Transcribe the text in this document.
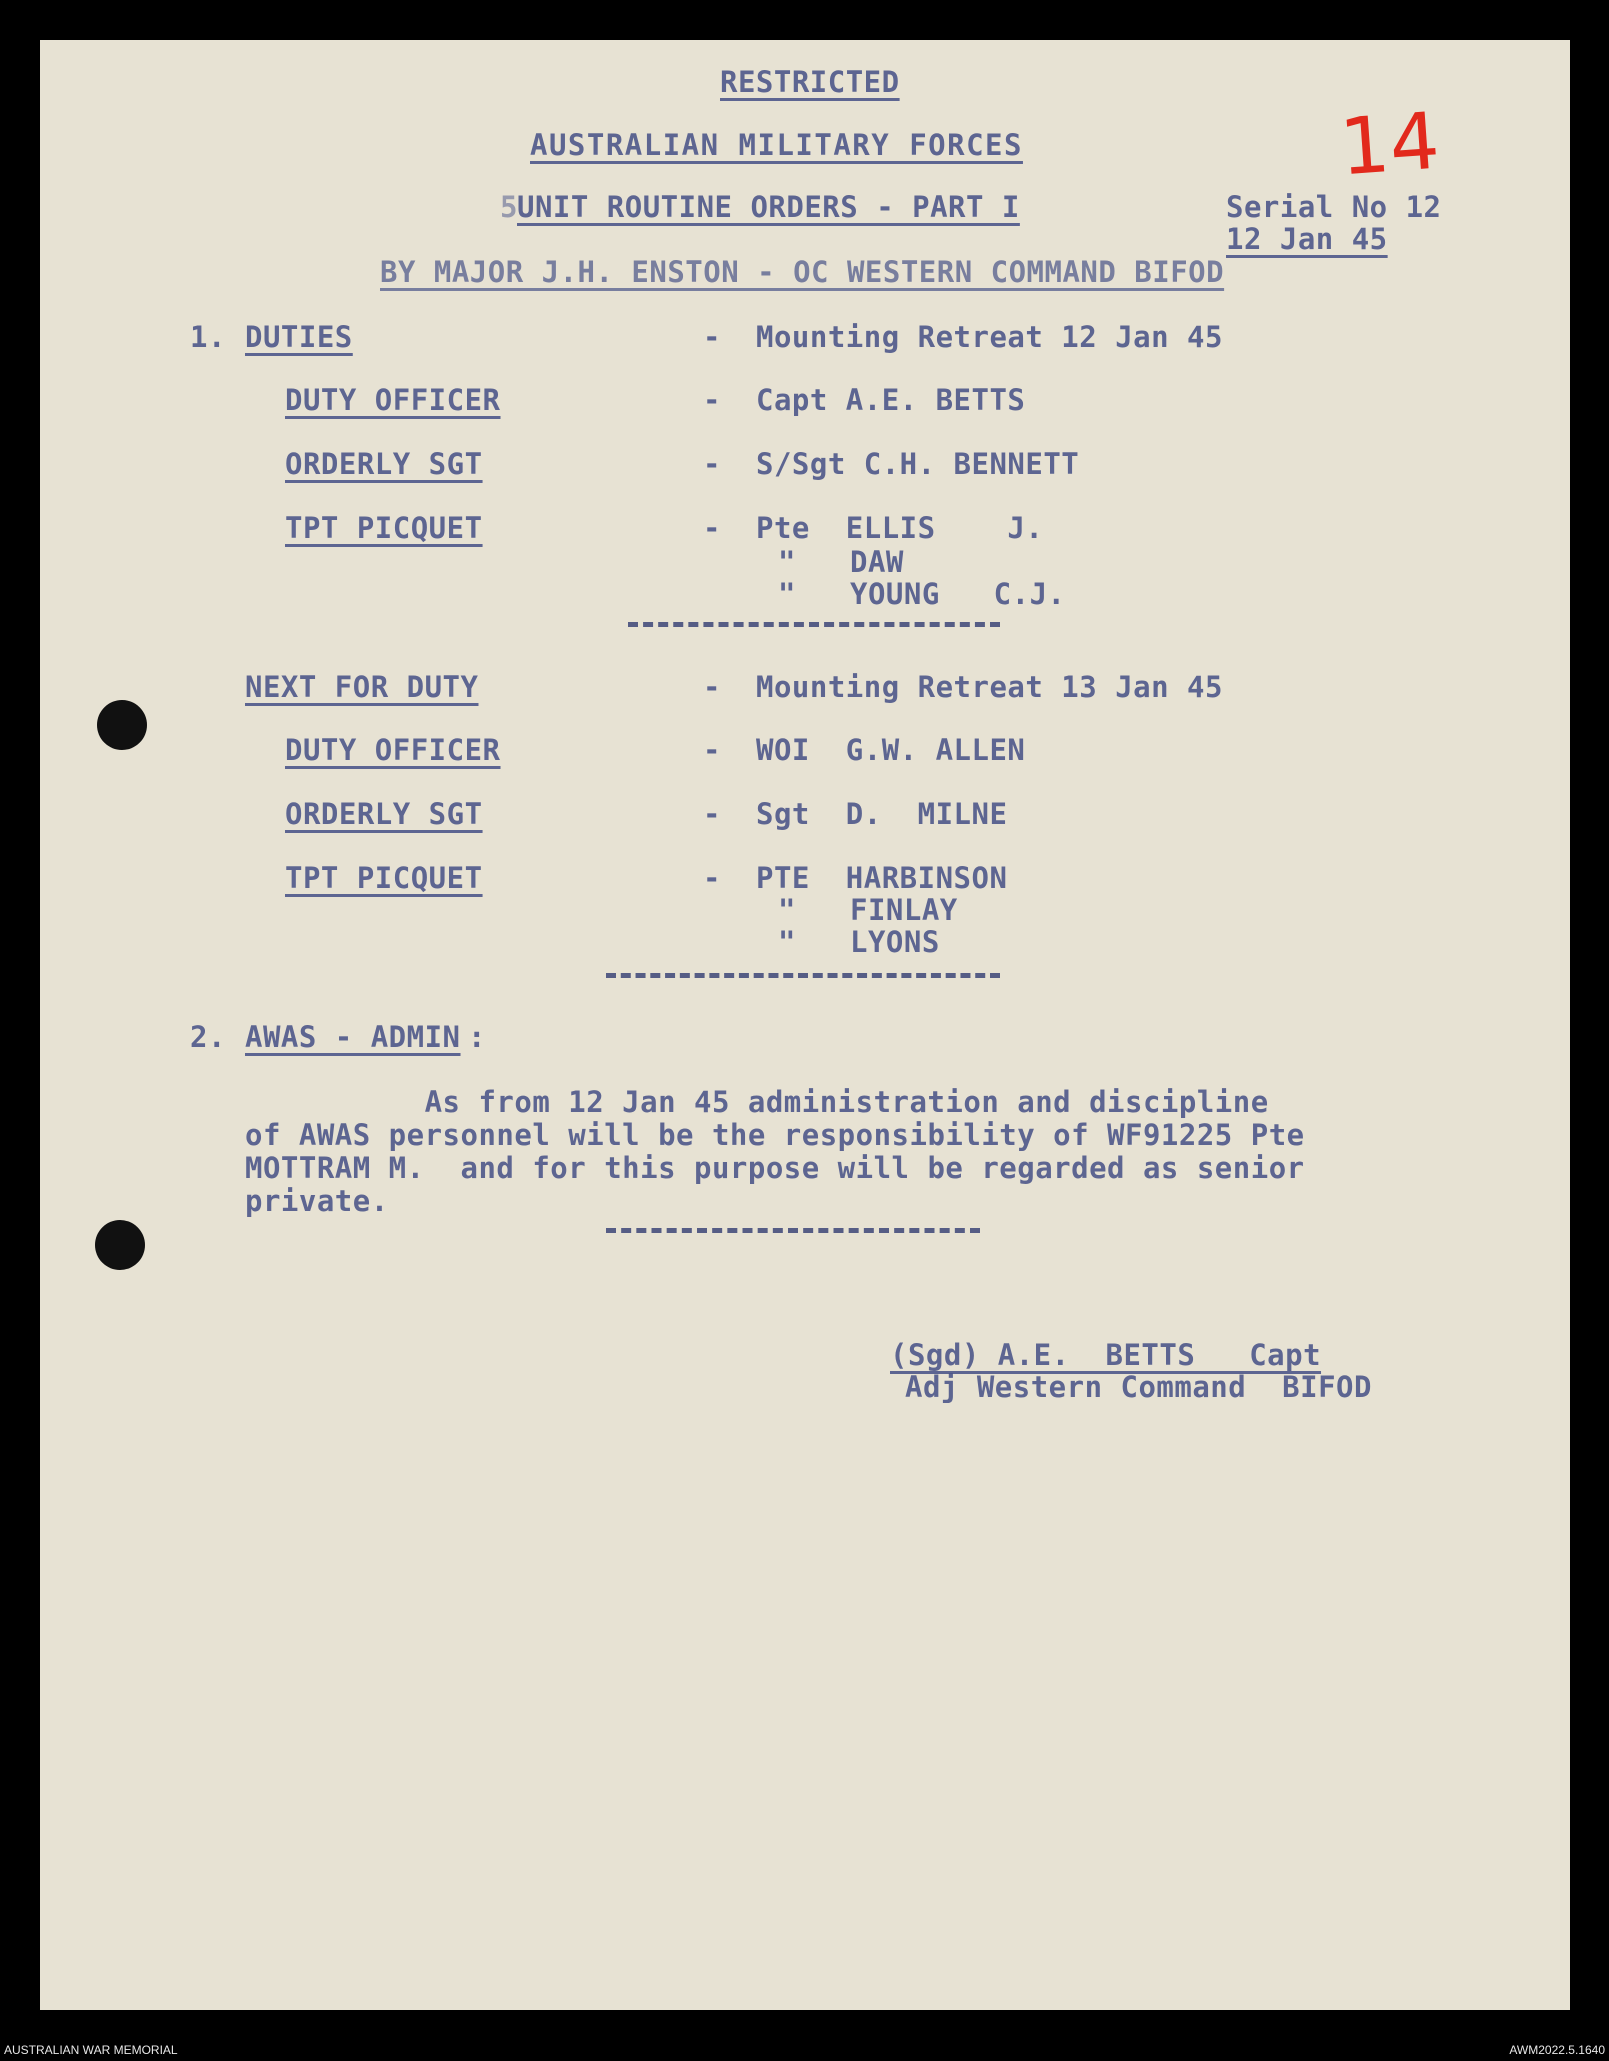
14
RESTRICTED
AUSTRALIAN MILITARY FORCES
5 UNIT ROUTINE ORDERS - PART I	Serial No 12
12 Jan 45
BY MAJOR J.H. ENSTON - OC WESTERN COMMAND BIFOD
1. DUTIES	- Mounting Retreat 12 Jan 45
DUTY OFFICER	- Capt A.E. BETTS
ORDERLY SGT	- S/Sgt C.H. BENNETT
TPT PICQUET	- Pte  ELLIS    J.
" DAW
" YOUNG   C.J.
NEXT FOR DUTY	- Mounting Retreat 13 Jan 45
DUTY OFFICER	- WOI  G.W. ALLEN
ORDERLY SGT	- Sgt  D.  MILNE
TPT PICQUET	- PTE  HARBINSON
" FINLAY
" LYONS
2. AWAS - ADMIN :
As from 12 Jan 45 administration and discipline
of AWAS personnel will be the responsibility of WF91225 Pte
MOTTRAM M.  and for this purpose will be regarded as senior
private.
(Sgd) A.E.  BETTS   Capt
Adj Western Command  BIFOD
AUSTRALIAN WAR MEMORIAL	AWM2022.5.1640
